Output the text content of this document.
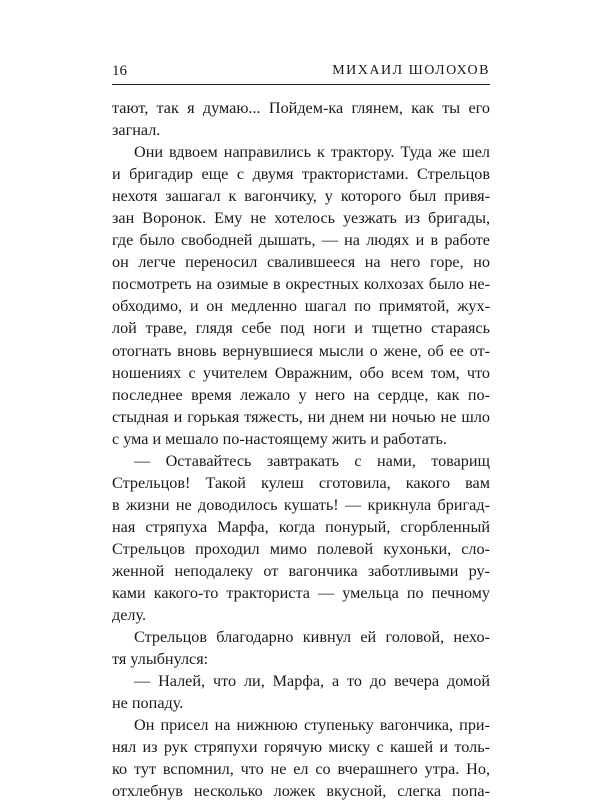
16	МИХАИЛ ШОЛОХОВ
тают, так я думаю... Пойдем-ка глянем, как ты его
загнал.
Они вдвоем направились к трактору. Туда же шел
и бригадир еще с двумя трактористами. Стрельцов
нехотя зашагал к вагончику, у которого был привя-
зан Воронок. Ему не хотелось уезжать из бригады,
где было свободней дышать, — на людях и в работе
он легче переносил свалившееся на него горе, но
посмотреть на озимые в окрестных колхозах было не-
обходимо, и он медленно шагал по примятой, жух-
лой траве, глядя себе под ноги и тщетно стараясь
отогнать вновь вернувшиеся мысли о жене, об ее от-
ношениях с учителем Овражним, обо всем том, что
последнее время лежало у него на сердце, как по-
стыдная и горькая тяжесть, ни днем ни ночью не шло
с ума и мешало по-настоящему жить и работать.
— Оставайтесь завтракать с нами, товарищ
Стрельцов! Такой кулеш сготовила, какого вам
в жизни не доводилось кушать! — крикнула бригад-
ная стряпуха Марфа, когда понурый, сгорбленный
Стрельцов проходил мимо полевой кухоньки, сло-
женной неподалеку от вагончика заботливыми ру-
ками какого-то тракториста — умельца по печному
делу.
Стрельцов благодарно кивнул ей головой, нехо-
тя улыбнулся:
— Налей, что ли, Марфа, а то до вечера домой
не попаду.
Он присел на нижнюю ступеньку вагончика, при-
нял из рук стряпухи горячую миску с кашей и толь-
ко тут вспомнил, что не ел со вчерашнего утра. Но,
отхлебнув несколько ложек вкусной, слегка попа-
